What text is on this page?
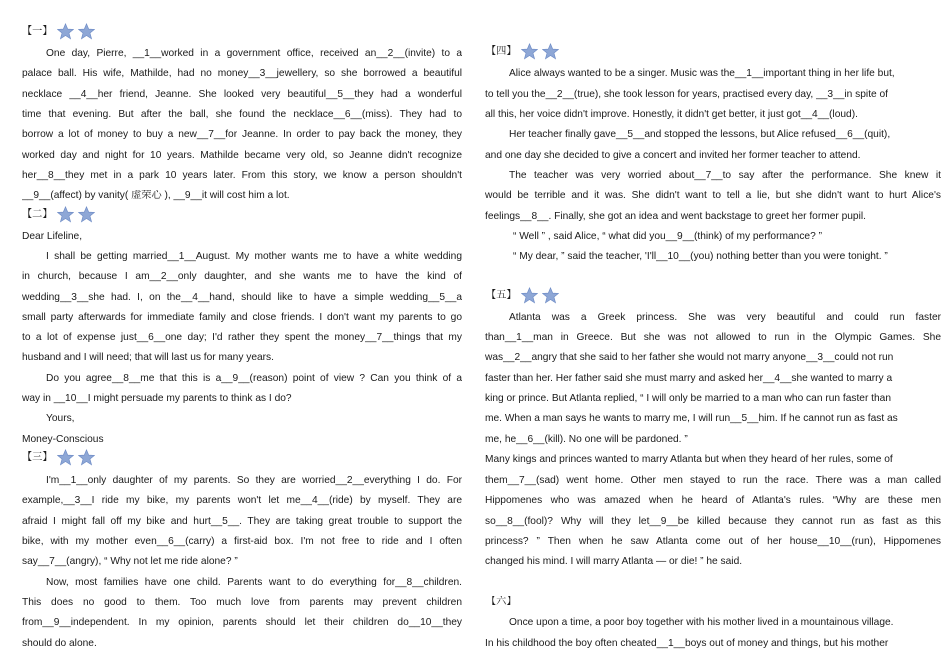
【一】
One day, Pierre, __1__worked in a government office, received an__2__(invite) to a
palace ball. His wife, Mathilde, had no money__3__jewellery, so she borrowed a beautiful
necklace __4__her friend, Jeanne. She looked very beautiful__5__they had a wonderful
time that evening. But after the ball, she found the necklace__6__(miss). They had to
borrow a lot of money to buy a new__7__for Jeanne. In order to pay back the money, they
worked day and night for 10 years. Mathilde became very old, so Jeanne didn't recognize
her__8__they met in a park 10 years later. From this story, we know a person shouldn't
__9__(affect) by vanity( 虚荣心 ), __9__it will cost him a lot.
【二】
Dear Lifeline,
I shall be getting married__1__August. My mother wants me to have a white wedding
in church, because I am__2__only daughter, and she wants me to have the kind of
wedding__3__she had. I, on the__4__hand, should like to have a simple wedding__5__a
small party afterwards for immediate family and close friends. I don't want my parents to go
to a lot of expense just__6__one day; I'd rather they spent the money__7__things that my
husband and I will need; that will last us for many years.
Do you agree__8__me that this is a__9__(reason) point of view ? Can you think of a
way in __10__I might persuade my parents to think as I do?
Yours,
Money-Conscious
【三】
I'm__1__only daughter of my parents. So they are worried__2__everything I do. For
example,__3__I ride my bike, my parents won't let me__4__(ride) by myself. They are
afraid I might fall off my bike and hurt__5__. They are taking great trouble to support the
bike, with my mother even__6__(carry) a first-aid box. I'm not free to ride and I often
say__7__(angry), “ Why not let me ride alone? ”
Now, most families have one child. Parents want to do everything for__8__children.
This does no good to them. Too much love from parents may prevent children
from__9__independent. In my opinion, parents should let their children do__10__they
should do alone.
【四】
Alice always wanted to be a singer. Music was the__1__important thing in her life but,
to tell you the__2__(true), she took lesson for years, practised every day, __3__in spite of
all this, her voice didn't improve. Honestly, it didn't get better, it just got__4__(loud).
Her teacher finally gave__5__and stopped the lessons, but Alice refused__6__(quit),
and one day she decided to give a concert and invited her former teacher to attend.
The teacher was very worried about__7__to say after the performance. She knew it
would be terrible and it was. She didn't want to tell a lie, but she didn't want to hurt Alice's
feelings__8__. Finally, she got an idea and went backstage to greet her former pupil.
“ Well ” , said Alice, “ what did you__9__(think) of my performance? ”
“ My dear, ” said the teacher, 'I'll__10__(you) nothing better than you were tonight. ”
【五】
Atlanta was a Greek princess. She was very beautiful and could run faster
than__1__man in Greece. But she was not allowed to run in the Olympic Games. She
was__2__angry that she said to her father she would not marry anyone__3__could not run
faster than her. Her father said she must marry and asked her__4__she wanted to marry a
king or prince. But Atlanta replied, “ I will only be married to a man who can run faster than
me. When a man says he wants to marry me, I will run__5__him. If he cannot run as fast as
me, he__6__(kill). No one will be pardoned. ”
Many kings and princes wanted to marry Atlanta but when they heard of her rules, some of
them__7__(sad) went home. Other men stayed to run the race. There was a man called
Hippomenes who was amazed when he heard of Atlanta's rules. “Why are these men
so__8__(fool)? Why will they let__9__be killed because they cannot run as fast as this
princess? ” Then when he saw Atlanta come out of her house__10__(run), Hippomenes
changed his mind. I will marry Atlanta — or die! ” he said.
【六】
Once upon a time, a poor boy together with his mother lived in a mountainous village.
In his childhood the boy often cheated__1__boys out of money and things, but his mother
